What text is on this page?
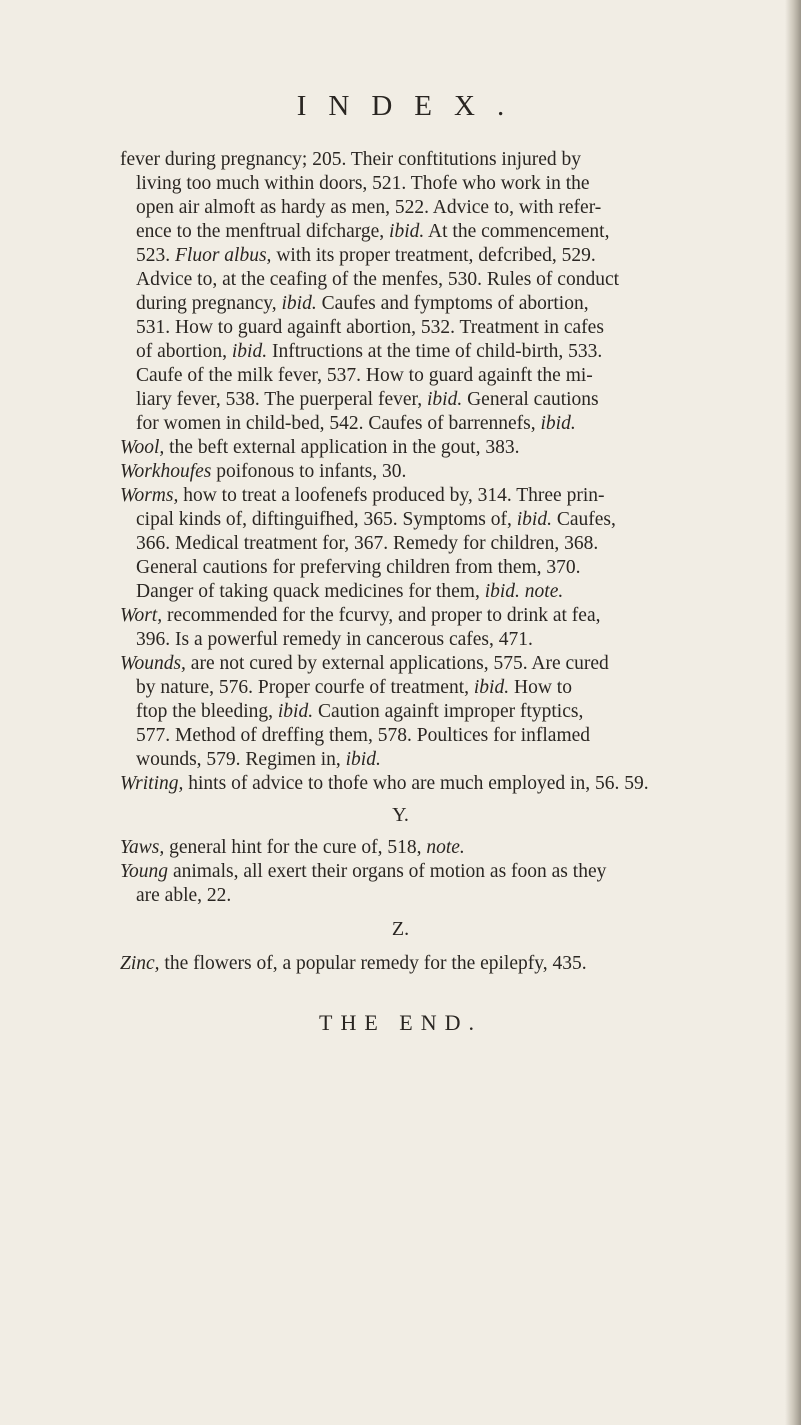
INDEX.
fever during pregnancy; 205. Their conftitutions injured by
living too much within doors, 521. Thofe who work in the
open air almoft as hardy as men, 522. Advice to, with refer-
ence to the menftrual difcharge, ibid. At the commencement,
523. Fluor albus, with its proper treatment, defcribed, 529.
Advice to, at the ceafing of the menfes, 530. Rules of conduct
during pregnancy, ibid. Caufes and fymptoms of abortion,
531. How to guard againft abortion, 532. Treatment in cafes
of abortion, ibid. Inftructions at the time of child-birth, 533.
Caufe of the milk fever, 537. How to guard againft the mi-
liary fever, 538. The puerperal fever, ibid. General cautions
for women in child-bed, 542. Caufes of barrennefs, ibid.
Wool, the beft external application in the gout, 383.
Workhoufes poifonous to infants, 30.
Worms, how to treat a loofenefs produced by, 314. Three prin-
cipal kinds of, diftinguifhed, 365. Symptoms of, ibid. Caufes,
366. Medical treatment for, 367. Remedy for children, 368.
General cautions for preferving children from them, 370.
Danger of taking quack medicines for them, ibid. note.
Wort, recommended for the fcurvy, and proper to drink at fea,
396. Is a powerful remedy in cancerous cafes, 471.
Wounds, are not cured by external applications, 575. Are cured
by nature, 576. Proper courfe of treatment, ibid. How to
ftop the bleeding, ibid. Caution againft improper ftyptics,
577. Method of dreffing them, 578. Poultices for inflamed
wounds, 579. Regimen in, ibid.
Writing, hints of advice to thofe who are much employed in, 56. 59.
Y.
Yaws, general hint for the cure of, 518, note.
Young animals, all exert their organs of motion as foon as they
are able, 22.
Z.
Zinc, the flowers of, a popular remedy for the epilepfy, 435.
THE END.
